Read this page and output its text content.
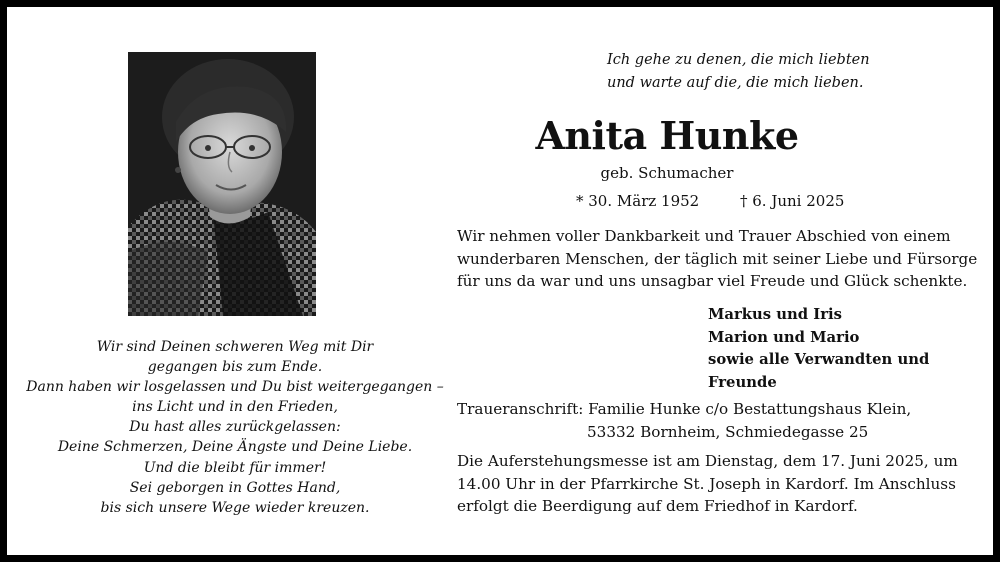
Ich gehe zu denen, die mich liebten
und warte auf die, die mich lieben.
Anita Hunke
geb. Schumacher
* 30. März 1952	† 6. Juni 2025
Wir nehmen voller Dankbarkeit und Trauer Abschied von einem
wunderbaren Menschen, der täglich mit seiner Liebe und Fürsorge
für uns da war und uns unsagbar viel Freude und Glück schenkte.
Markus und Iris
Marion und Mario
sowie alle Verwandten und
Freunde
Traueranschrift: Familie Hunke c/o Bestattungshaus Klein,
53332 Bornheim, Schmiedegasse 25
Die Auferstehungsmesse ist am Dienstag, dem 17. Juni 2025, um
14.00 Uhr in der Pfarrkirche St. Joseph in Kardorf. Im Anschluss
erfolgt die Beerdigung auf dem Friedhof in Kardorf.
Wir sind Deinen schweren Weg mit Dir
gegangen bis zum Ende.
Dann haben wir losgelassen und Du bist weitergegangen –
ins Licht und in den Frieden,
Du hast alles zurückgelassen:
Deine Schmerzen, Deine Ängste und Deine Liebe.
Und die bleibt für immer!
Sei geborgen in Gottes Hand,
bis sich unsere Wege wieder kreuzen.
